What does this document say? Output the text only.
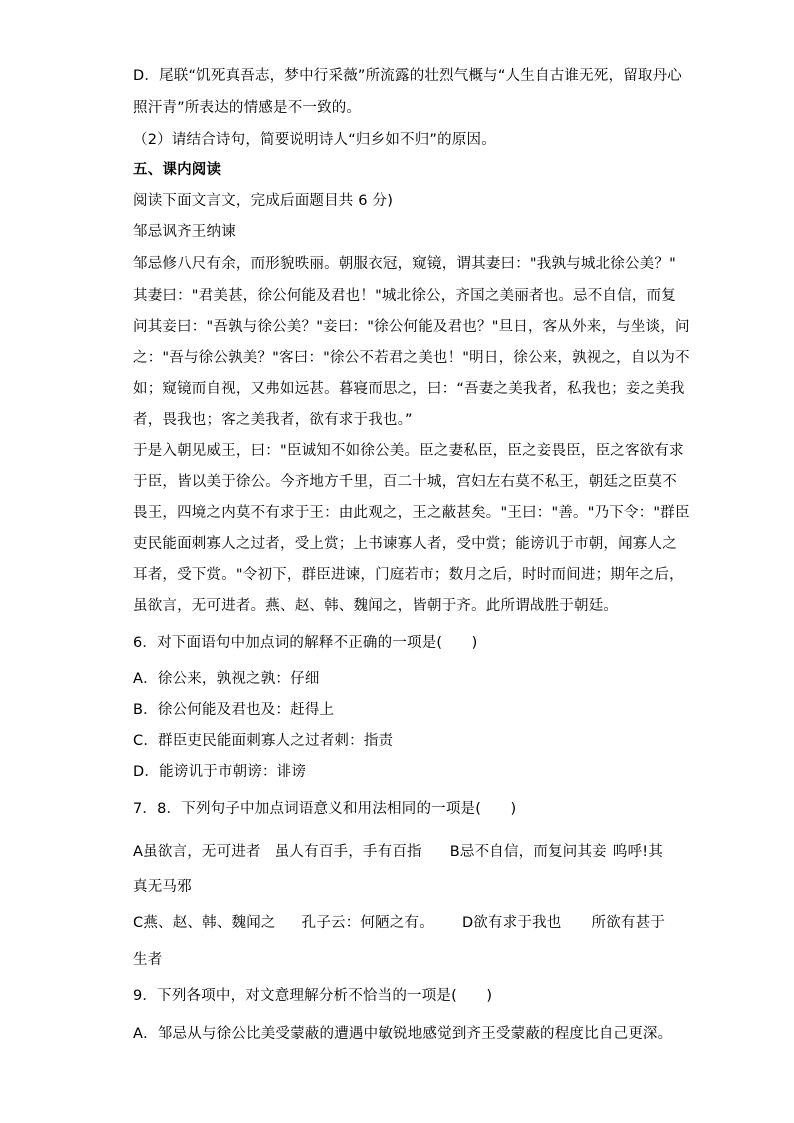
D．尾联“饥死真吾志，梦中行采薇”所流露的壮烈气概与“人生自古谁无死，留取丹心
照汗青”所表达的情感是不一致的。
（2）请结合诗句，简要说明诗人“归乡如不归”的原因。
五、课内阅读
阅读下面文言文，完成后面题目共 6 分)
邹忌讽齐王纳谏
邹忌修八尺有余，而形貌昳丽。朝服衣冠，窥镜，谓其妻曰："我孰与城北徐公美？"
其妻曰："君美甚，徐公何能及君也！"城北徐公，齐国之美丽者也。忌不自信，而复
问其妾曰："吾孰与徐公美？"妾曰："徐公何能及君也？"旦日，客从外来，与坐谈，问
之："吾与徐公孰美？"客曰："徐公不若君之美也！"明日，徐公来，孰视之，自以为不
如；窥镜而自视，又弗如远甚。暮寝而思之，曰：“吾妻之美我者，私我也；妾之美我
者，畏我也；客之美我者，欲有求于我也。”
于是入朝见威王，曰："臣诚知不如徐公美。臣之妻私臣，臣之妾畏臣，臣之客欲有求
于臣，皆以美于徐公。今齐地方千里，百二十城，宫妇左右莫不私王，朝廷之臣莫不
畏王，四境之内莫不有求于王：由此观之，王之蔽甚矣。"王曰："善。"乃下令："群臣
吏民能面刺寡人之过者，受上赏；上书谏寡人者，受中赏；能谤讥于市朝，闻寡人之
耳者，受下赏。"令初下，群臣进谏，门庭若市；数月之后，时时而间进；期年之后，
虽欲言，无可进者。燕、赵、韩、魏闻之，皆朝于齐。此所谓战胜于朝廷。
6．对下面语句中加点词的解释不正确的一项是(　　)
A．徐公来，孰视之孰：仔细
B．徐公何能及君也及：赶得上
C．群臣吏民能面刺寡人之过者刺：指责
D．能谤讥于市朝谤：诽谤
7．8．下列句子中加点词语意义和用法相同的一项是(　　)
A虽欲言，无可进者 虽人有百手，手有百指 B忌不自信，而复问其妾 呜呼!其
真无马邪
C燕、赵、韩、魏闻之 孔子云：何陋之有。 D欲有求于我也 所欲有甚于
生者
9．下列各项中，对文意理解分析不恰当的一项是(　　)
A．邹忌从与徐公比美受蒙蔽的遭遇中敏锐地感觉到齐王受蒙蔽的程度比自己更深。
